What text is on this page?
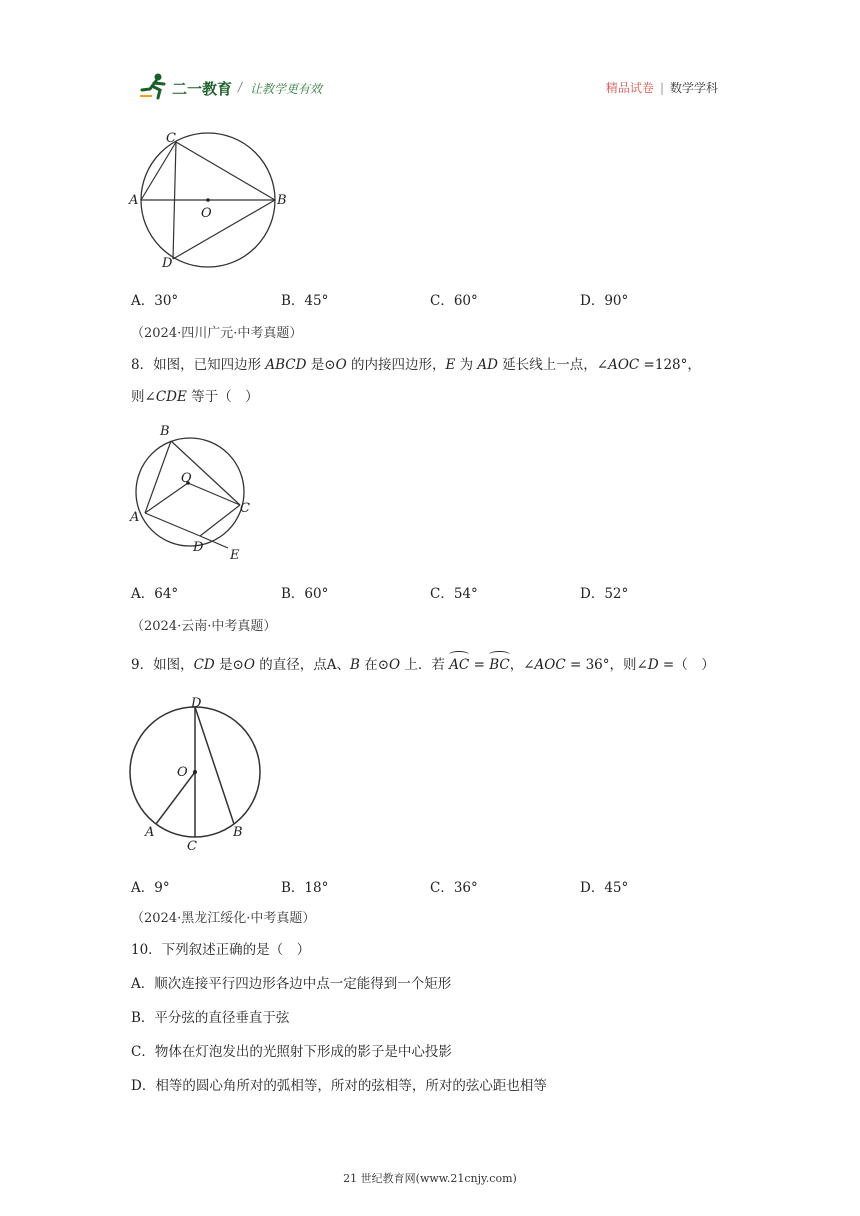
二一教育 / 让教学更有效	精品试卷 | 数学学科
C
A
O
B
D
A．30°	B．45°	C．60°	D．90°
（2024·四川广元·中考真题）
8．如图，已知四边形 ABCD 是⊙O 的内接四边形，E 为 AD 延长线上一点，∠AOC =128°，
则∠CDE 等于（　）
B
O
C
A
D
E
A．64°	B．60°	C．54°	D．52°
（2024·云南·中考真题）
9．如图，CD 是⊙O 的直径，点A、B 在⊙O 上．若 AC = BC，∠AOC = 36°，则∠D =（　）
D
O
A
C
B
A．9°	B．18°	C．36°	D．45°
（2024·黑龙江绥化·中考真题）
10．下列叙述正确的是（　）
A．顺次连接平行四边形各边中点一定能得到一个矩形
B．平分弦的直径垂直于弦
C．物体在灯泡发出的光照射下形成的影子是中心投影
D．相等的圆心角所对的弧相等，所对的弦相等，所对的弦心距也相等
21 世纪教育网(www.21cnjy.com)
